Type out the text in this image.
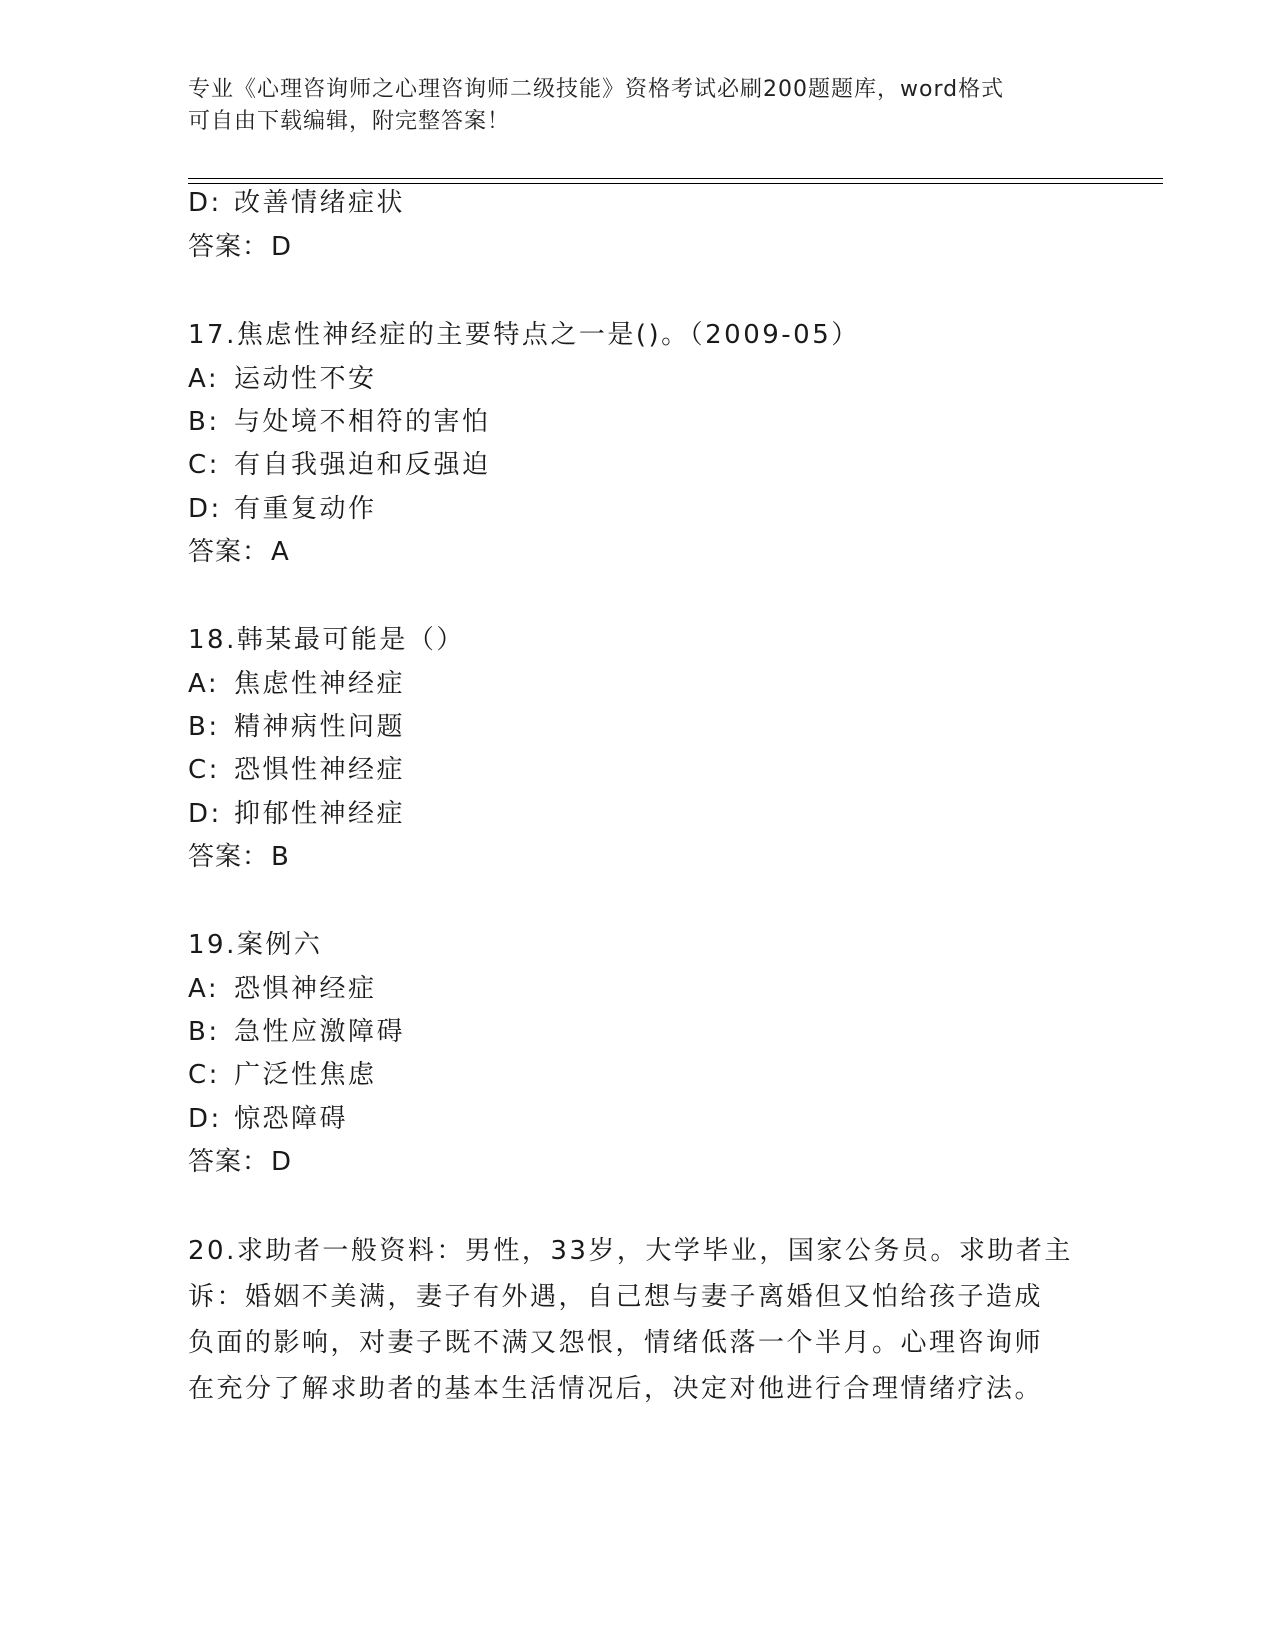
专业《心理咨询师之心理咨询师二级技能》资格考试必刷200题题库，word格式
可自由下载编辑，附完整答案！
D: 改善情绪症状
答案：D
17.焦虑性神经症的主要特点之一是()。（2009-05）
A: 运动性不安
B: 与处境不相符的害怕
C: 有自我强迫和反强迫
D: 有重复动作
答案：A
18.韩某最可能是（）
A: 焦虑性神经症
B: 精神病性问题
C: 恐惧性神经症
D: 抑郁性神经症
答案：B
19.案例六
A: 恐惧神经症
B: 急性应激障碍
C: 广泛性焦虑
D: 惊恐障碍
答案：D
20.求助者一般资料：男性，33岁，大学毕业，国家公务员。求助者主
诉：婚姻不美满，妻子有外遇，自己想与妻子离婚但又怕给孩子造成
负面的影响，对妻子既不满又怨恨，情绪低落一个半月。心理咨询师
在充分了解求助者的基本生活情况后，决定对他进行合理情绪疗法。
